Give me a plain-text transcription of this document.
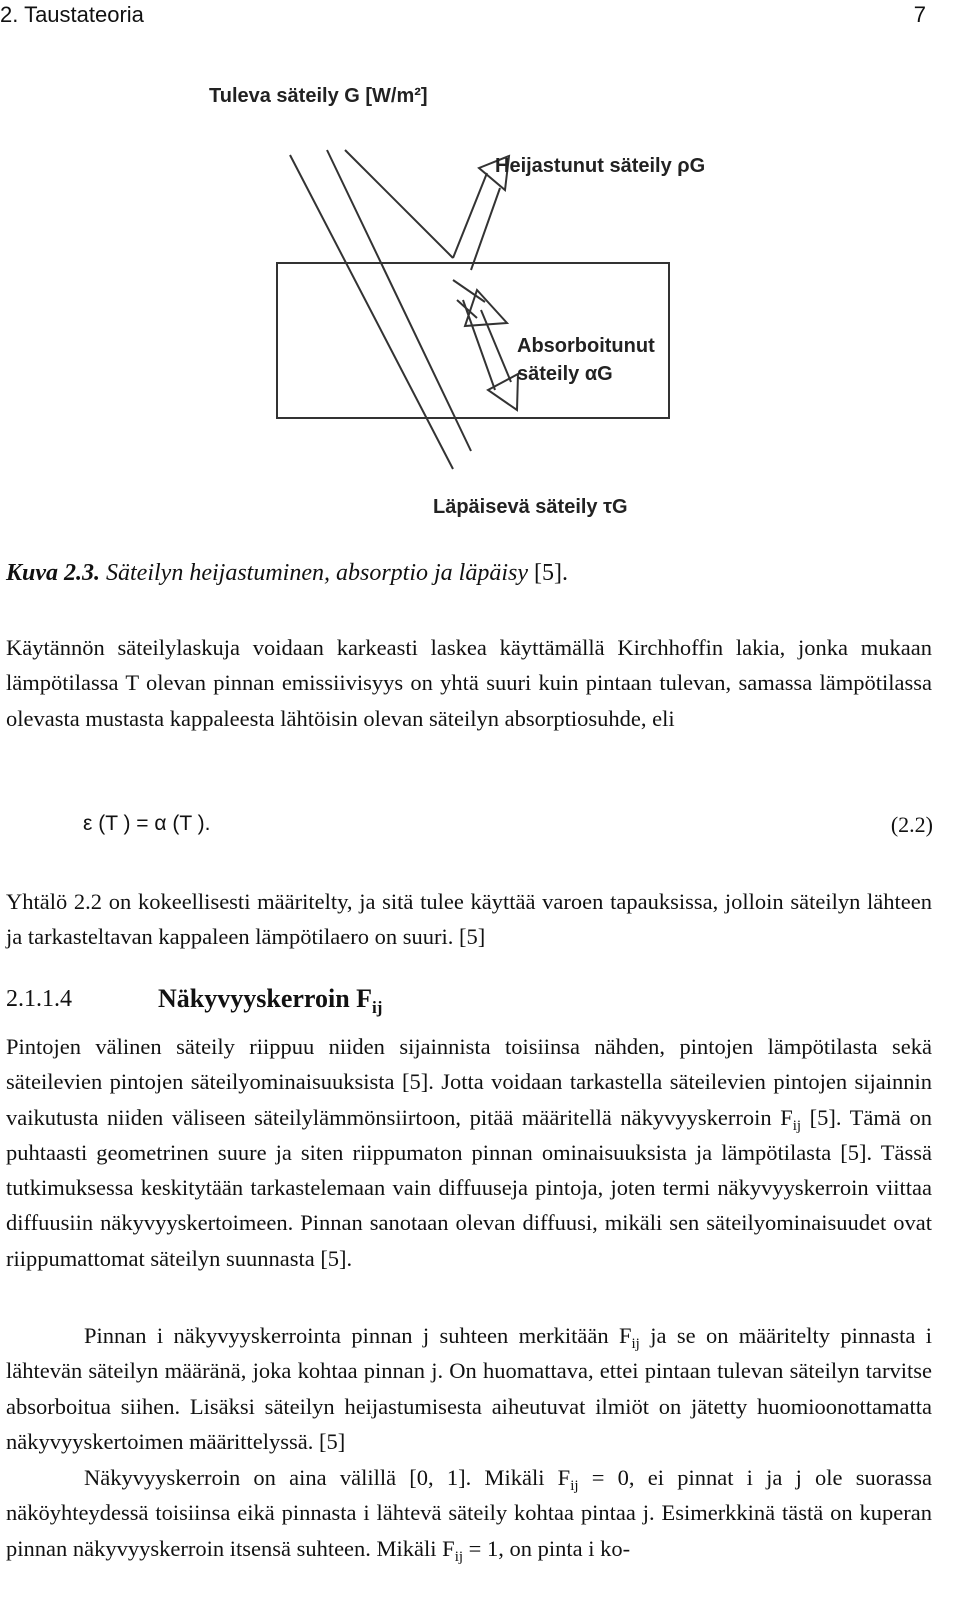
2. Taustateoria	7
Tuleva säteily G [W/m²]
Heijastunut säteily ρG
Absorboitunut
säteily αG
Läpäisevä säteily τG
Kuva 2.3. Säteilyn heijastuminen, absorptio ja läpäisy [5].
Käytännön säteilylaskuja voidaan karkeasti laskea käyttämällä Kirchhoffin lakia, jonka mukaan lämpötilassa T olevan pinnan emissiivisyys on yhtä suuri kuin pintaan tulevan, samassa lämpötilassa olevasta mustasta kappaleesta lähtöisin olevan säteilyn absorptiosuhde, eli
ε (T ) = α (T ).	(2.2)
Yhtälö 2.2 on kokeellisesti määritelty, ja sitä tulee käyttää varoen tapauksissa, jolloin säteilyn lähteen ja tarkasteltavan kappaleen lämpötilaero on suuri. [5]
2.1.1.4	Näkyvyyskerroin $F_{ij}$
Pintojen välinen säteily riippuu niiden sijainnista toisiinsa nähden, pintojen lämpötilasta sekä säteilevien pintojen säteilyominaisuuksista [5]. Jotta voidaan tarkastella säteilevien pintojen sijainnin vaikutusta niiden väliseen säteilylämmönsiirtoon, pitää määritellä näkyvyyskerroin $F_{ij}$ [5]. Tämä on puhtaasti geometrinen suure ja siten riippumaton pinnan ominaisuuksista ja lämpötilasta [5]. Tässä tutkimuksessa keskitytään tarkastelemaan vain diffuuseja pintoja, joten termi näkyvyyskerroin viittaa diffuusiin näkyvyyskertoimeen. Pinnan sanotaan olevan diffuusi, mikäli sen säteilyominaisuudet ovat riippumattomat säteilyn suunnasta [5].
Pinnan i näkyvyyskerrointa pinnan j suhteen merkitään $F_{ij}$ ja se on määritelty pinnasta i lähtevän säteilyn määränä, joka kohtaa pinnan j. On huomattava, ettei pintaan tulevan säteilyn tarvitse absorboitua siihen. Lisäksi säteilyn heijastumisesta aiheutuvat ilmiöt on jätetty huomioonottamatta näkyvyyskertoimen määrittelyssä. [5]
Näkyvyyskerroin on aina välillä [0, 1]. Mikäli $F_{ij} = 0$, ei pinnat i ja j ole suorassa näköyhteydessä toisiinsa eikä pinnasta i lähtevä säteily kohtaa pintaa j. Esimerkkinä tästä on kuperan pinnan näkyvyyskerroin itsensä suhteen. Mikäli $F_{ij} = 1$, on pinta i ko-
